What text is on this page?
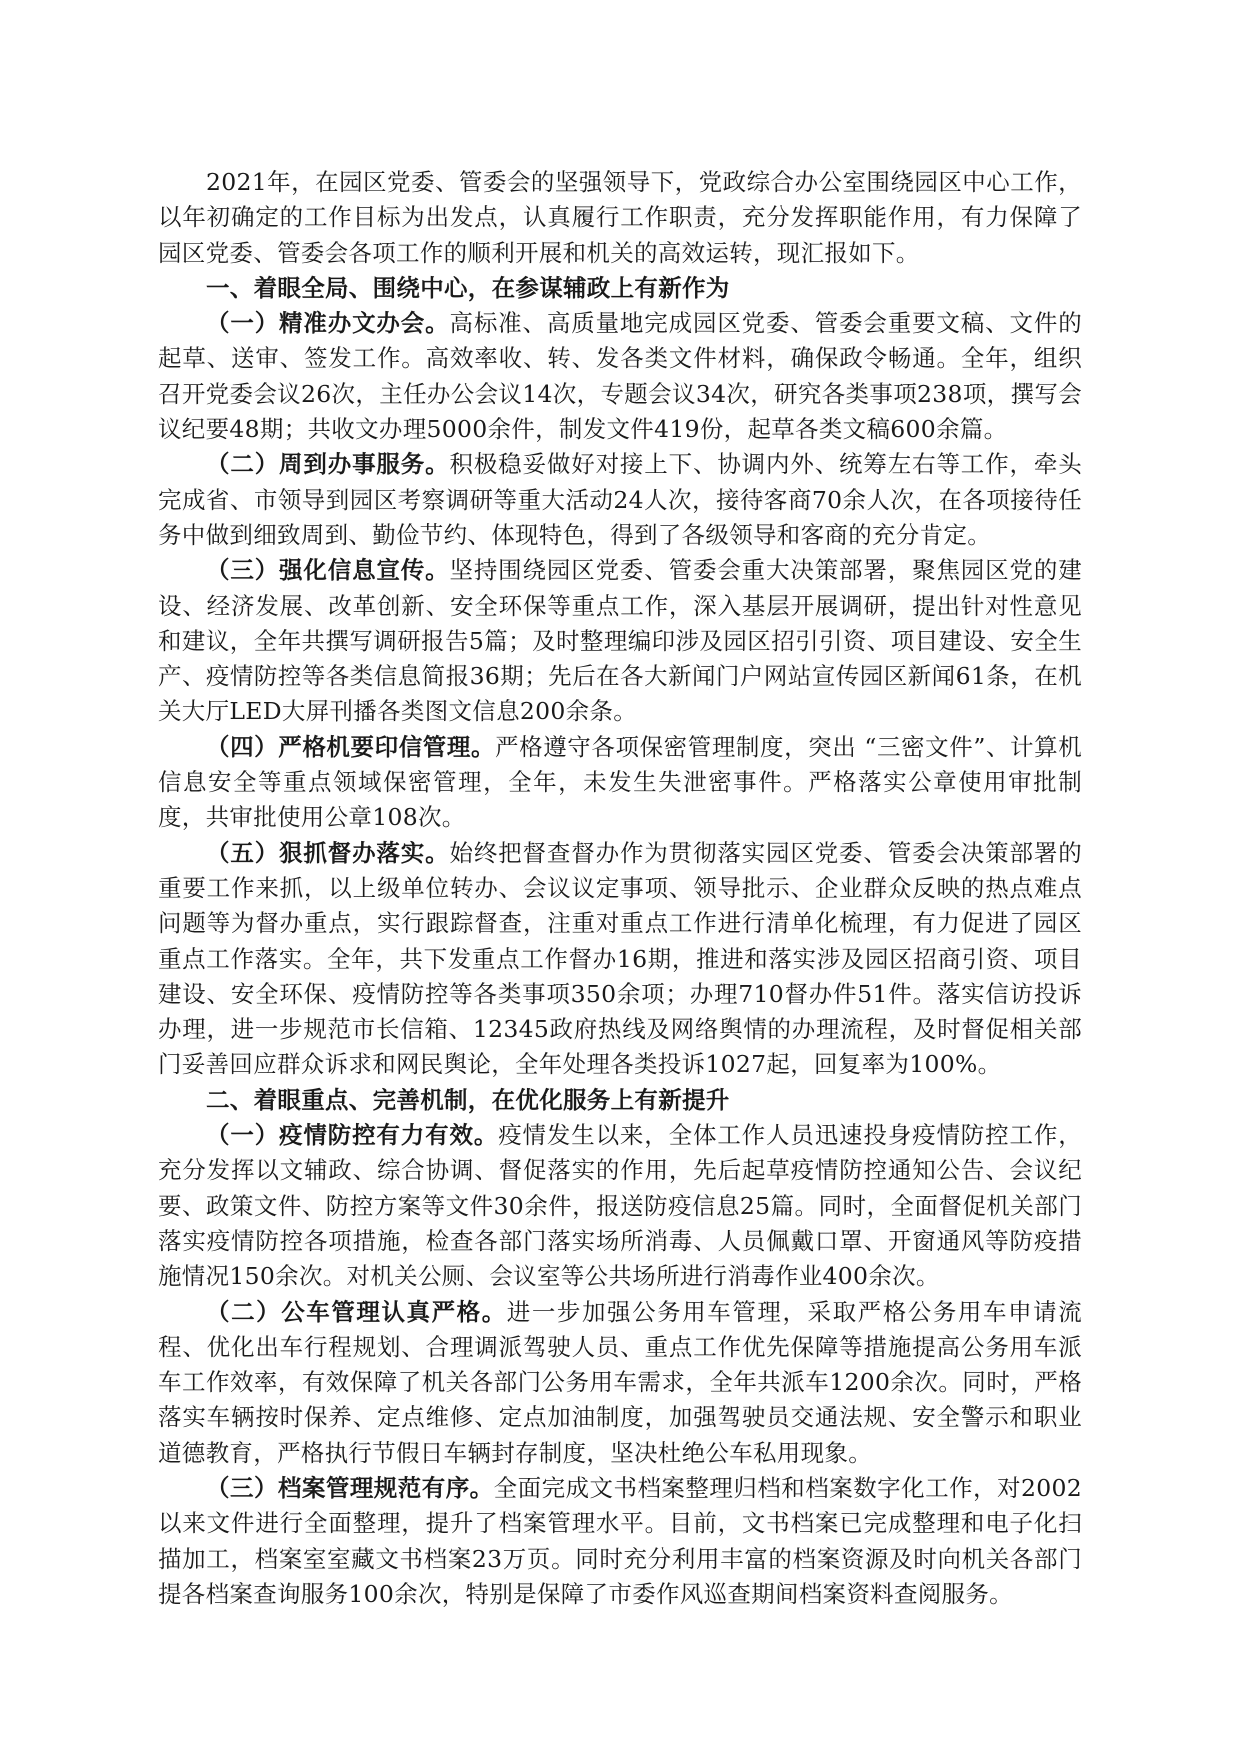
2021年，在园区党委、管委会的坚强领导下，党政综合办公室围绕园区中心工作，以年初确定的工作目标为出发点，认真履行工作职责，充分发挥职能作用，有力保障了园区党委、管委会各项工作的顺利开展和机关的高效运转，现汇报如下。

一、着眼全局、围绕中心，在参谋辅政上有新作为

（一）精准办文办会。高标准、高质量地完成园区党委、管委会重要文稿、文件的起草、送审、签发工作。高效率收、转、发各类文件材料，确保政令畅通。全年，组织召开党委会议26次，主任办公会议14次，专题会议34次，研究各类事项238项，撰写会议纪要48期；共收文办理5000余件，制发文件419份，起草各类文稿600余篇。

（二）周到办事服务。积极稳妥做好对接上下、协调内外、统筹左右等工作，牵头完成省、市领导到园区考察调研等重大活动24人次，接待客商70余人次，在各项接待任务中做到细致周到、勤俭节约、体现特色，得到了各级领导和客商的充分肯定。

（三）强化信息宣传。坚持围绕园区党委、管委会重大决策部署，聚焦园区党的建设、经济发展、改革创新、安全环保等重点工作，深入基层开展调研，提出针对性意见和建议，全年共撰写调研报告5篇；及时整理编印涉及园区招引引资、项目建设、安全生产、疫情防控等各类信息简报36期；先后在各大新闻门户网站宣传园区新闻61条，在机关大厅LED大屏刊播各类图文信息200余条。

（四）严格机要印信管理。严格遵守各项保密管理制度，突出 “三密文件”、计算机信息安全等重点领域保密管理，全年，未发生失泄密事件。严格落实公章使用审批制度，共审批使用公章108次。

（五）狠抓督办落实。始终把督查督办作为贯彻落实园区党委、管委会决策部署的重要工作来抓，以上级单位转办、会议议定事项、领导批示、企业群众反映的热点难点问题等为督办重点，实行跟踪督查，注重对重点工作进行清单化梳理，有力促进了园区重点工作落实。全年，共下发重点工作督办16期，推进和落实涉及园区招商引资、项目建设、安全环保、疫情防控等各类事项350余项；办理710督办件51件。落实信访投诉办理，进一步规范市长信箱、12345政府热线及网络舆情的办理流程，及时督促相关部门妥善回应群众诉求和网民舆论，全年处理各类投诉1027起，回复率为100%。

二、着眼重点、完善机制，在优化服务上有新提升

（一）疫情防控有力有效。疫情发生以来，全体工作人员迅速投身疫情防控工作，充分发挥以文辅政、综合协调、督促落实的作用，先后起草疫情防控通知公告、会议纪要、政策文件、防控方案等文件30余件，报送防疫信息25篇。同时，全面督促机关部门落实疫情防控各项措施，检查各部门落实场所消毒、人员佩戴口罩、开窗通风等防疫措施情况150余次。对机关公厕、会议室等公共场所进行消毒作业400余次。

（二）公车管理认真严格。进一步加强公务用车管理，采取严格公务用车申请流程、优化出车行程规划、合理调派驾驶人员、重点工作优先保障等措施提高公务用车派车工作效率，有效保障了机关各部门公务用车需求，全年共派车1200余次。同时，严格落实车辆按时保养、定点维修、定点加油制度，加强驾驶员交通法规、安全警示和职业道德教育，严格执行节假日车辆封存制度，坚决杜绝公车私用现象。

（三）档案管理规范有序。全面完成文书档案整理归档和档案数字化工作，对2002以来文件进行全面整理，提升了档案管理水平。目前，文书档案已完成整理和电子化扫描加工，档案室室藏文书档案23万页。同时充分利用丰富的档案资源及时向机关各部门提各档案查询服务100余次，特别是保障了市委作风巡查期间档案资料查阅服务。
